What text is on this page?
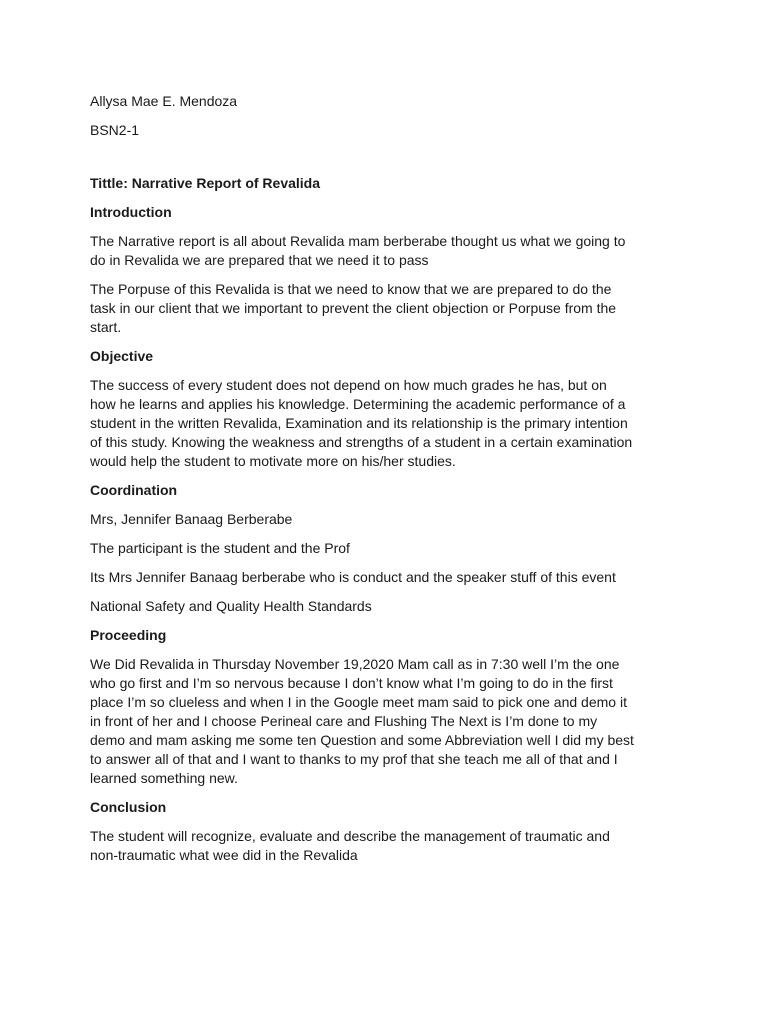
Allysa Mae E. Mendoza

BSN2-1

Tittle: Narrative Report of Revalida

Introduction

The Narrative report is all about Revalida mam berberabe thought us what we going to
do in Revalida we are prepared that we need it to pass
The Porpuse of this Revalida is that we need to know that we are prepared to do the
task in our client that we important to prevent the client objection or Porpuse from the
start.

Objective

The success of every student does not depend on how much grades he has, but on
how he learns and applies his knowledge. Determining the academic performance of a
student in the written Revalida, Examination and its relationship is the primary intention
of this study. Knowing the weakness and strengths of a student in a certain examination
would help the student to motivate more on his/her studies.

Coordination

Mrs, Jennifer Banaag Berberabe

The participant is the student and the Prof

Its Mrs Jennifer Banaag berberabe who is conduct and the speaker stuff of this event

National Safety and Quality Health Standards

Proceeding

We Did Revalida in Thursday November 19,2020 Mam call as in 7:30 well I’m the one
who go first and I’m so nervous because I don’t know what I’m going to do in the first
place I’m so clueless and when I in the Google meet mam said to pick one and demo it
in front of her and I choose Perineal care and Flushing The Next is I’m done to my
demo and mam asking me some ten Question and some Abbreviation well I did my best
to answer all of that and I want to thanks to my prof that she teach me all of that and I
learned something new.

Conclusion

The student will recognize, evaluate and describe the management of traumatic and
non-traumatic what wee did in the Revalida
